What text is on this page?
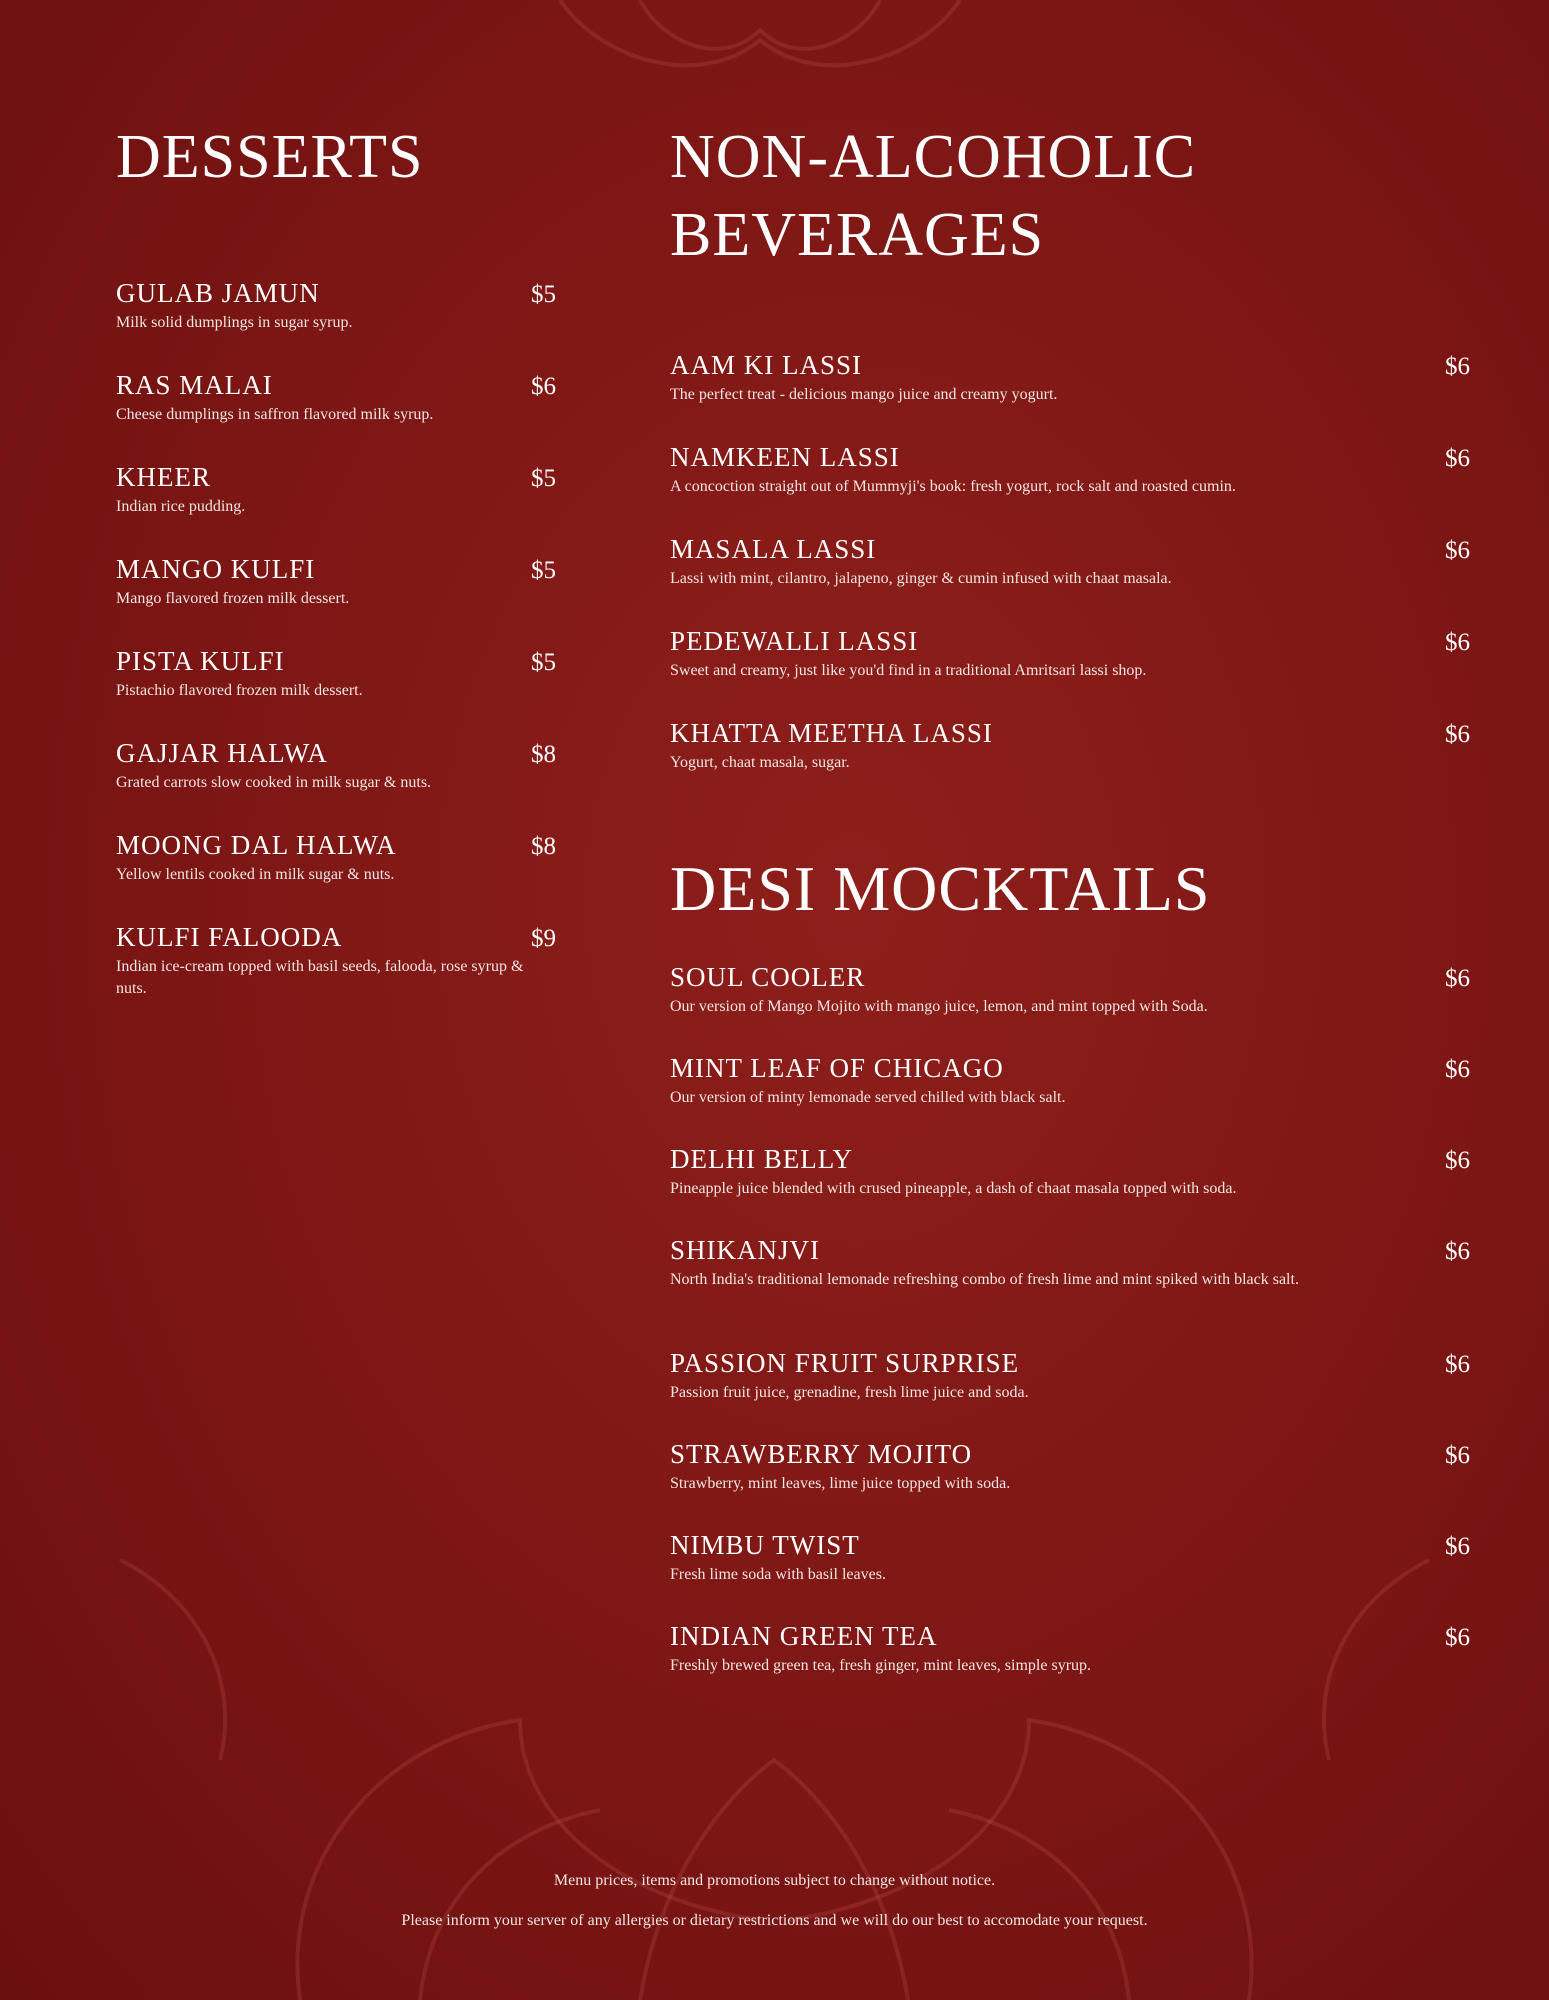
DESSERTS
GULAB JAMUN	$5
Milk solid dumplings in sugar syrup.
RAS MALAI	$6
Cheese dumplings in saffron flavored milk syrup.
KHEER	$5
Indian rice pudding.
MANGO KULFI	$5
Mango flavored frozen milk dessert.
PISTA KULFI	$5
Pistachio flavored frozen milk dessert.
GAJJAR HALWA	$8
Grated carrots slow cooked in milk sugar & nuts.
MOONG DAL HALWA	$8
Yellow lentils cooked in milk sugar & nuts.
KULFI FALOODA	$9
Indian ice-cream topped with basil seeds, falooda, rose syrup & nuts.
NON-ALCOHOLIC BEVERAGES
AAM KI LASSI	$6
The perfect treat - delicious mango juice and creamy yogurt.
NAMKEEN LASSI	$6
A concoction straight out of Mummyji's book: fresh yogurt, rock salt and roasted cumin.
MASALA LASSI	$6
Lassi with mint, cilantro, jalapeno, ginger & cumin infused with chaat masala.
PEDEWALLI LASSI	$6
Sweet and creamy, just like you'd find in a traditional Amritsari lassi shop.
KHATTA MEETHA LASSI	$6
Yogurt, chaat masala, sugar.
DESI MOCKTAILS
SOUL COOLER	$6
Our version of Mango Mojito with mango juice, lemon, and mint topped with Soda.
MINT LEAF OF CHICAGO	$6
Our version of minty lemonade served chilled with black salt.
DELHI BELLY	$6
Pineapple juice blended with crused pineapple, a dash of chaat masala topped with soda.
SHIKANJVI	$6
North India's traditional lemonade refreshing combo of fresh lime and mint spiked with black salt.
PASSION FRUIT SURPRISE	$6
Passion fruit juice, grenadine, fresh lime juice and soda.
STRAWBERRY MOJITO	$6
Strawberry, mint leaves, lime juice topped with soda.
NIMBU TWIST	$6
Fresh lime soda with basil leaves.
INDIAN GREEN TEA	$6
Freshly brewed green tea, fresh ginger, mint leaves, simple syrup.
Menu prices, items and promotions subject to change without notice.
Please inform your server of any allergies or dietary restrictions and we will do our best to accomodate your request.
